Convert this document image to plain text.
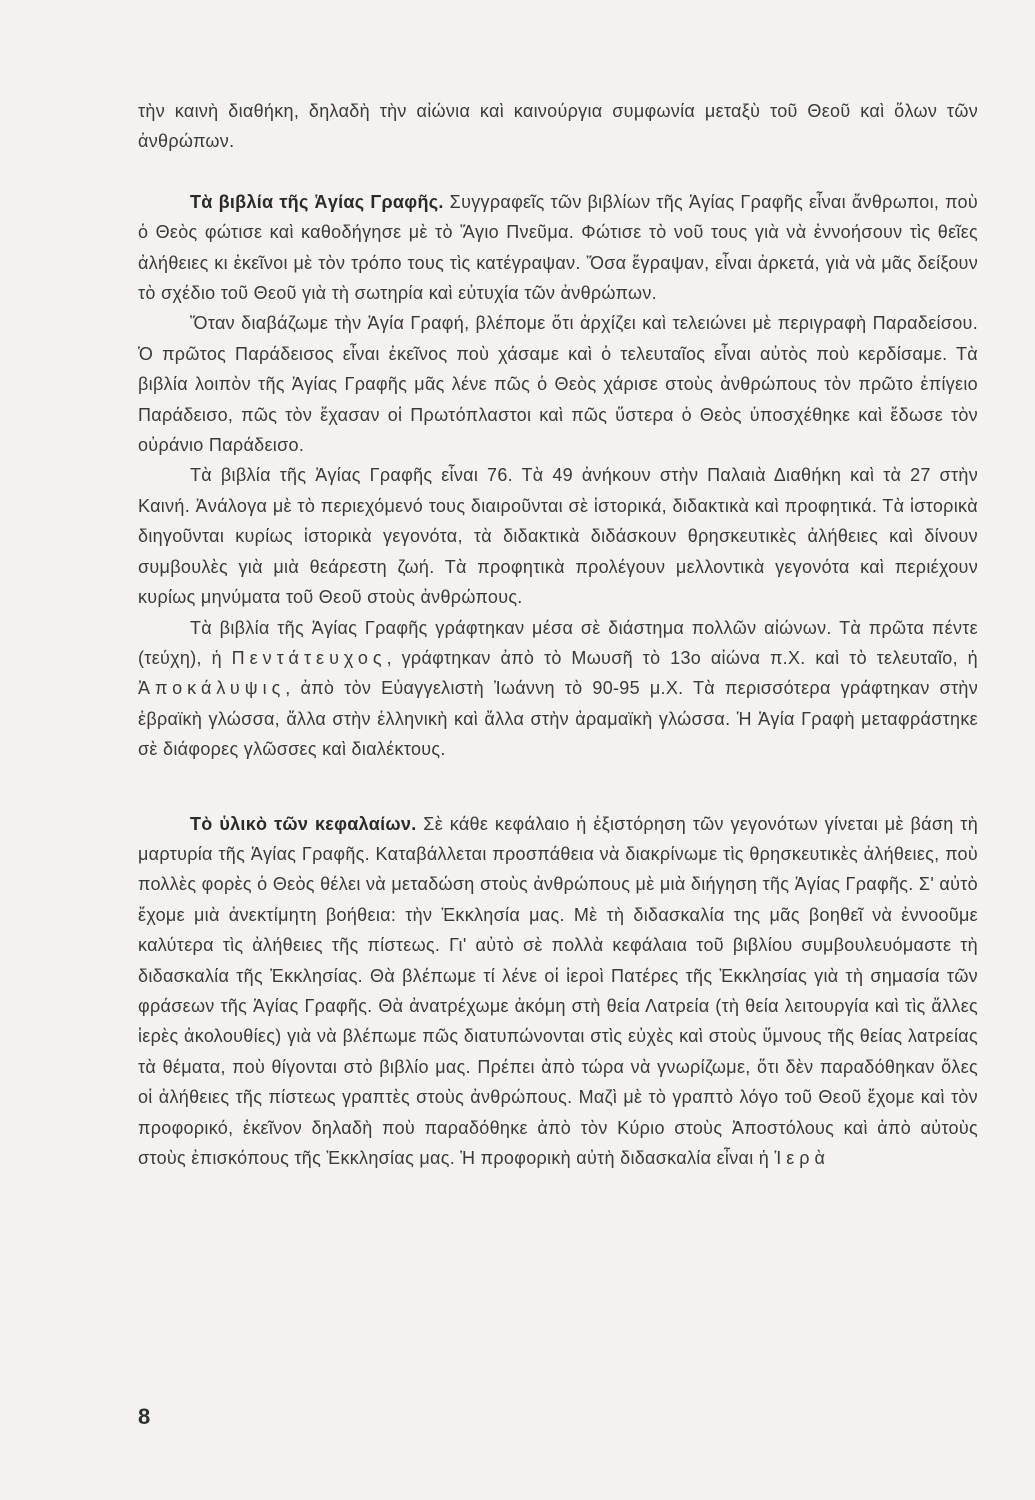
τὴν καινὴ διαθήκη, δηλαδὴ τὴν αἰώνια καὶ καινούργια συμφωνία μεταξὺ τοῦ Θεοῦ καὶ ὅλων τῶν ἀνθρώπων.

Τὰ βιβλία τῆς Ἁγίας Γραφῆς. Συγγραφεῖς τῶν βιβλίων τῆς Ἁγίας Γραφῆς εἶναι ἄνθρωποι, ποὺ ὁ Θεὸς φώτισε καὶ καθοδήγησε μὲ τὸ Ἅγιο Πνεῦμα. Φώτισε τὸ νοῦ τους γιὰ νὰ ἐννοήσουν τὶς θεῖες ἀλήθειες κι ἐκεῖνοι μὲ τὸν τρόπο τους τὶς κατέγραψαν. Ὅσα ἔγραψαν, εἶναι ἀρκετά, γιὰ νὰ μᾶς δείξουν τὸ σχέδιο τοῦ Θεοῦ γιὰ τὴ σωτηρία καὶ εὐτυχία τῶν ἀνθρώπων.

Ὅταν διαβάζωμε τὴν Ἁγία Γραφή, βλέπομε ὅτι ἀρχίζει καὶ τελειώνει μὲ περιγραφὴ Παραδείσου. Ὁ πρῶτος Παράδεισος εἶναι ἐκεῖνος ποὺ χάσαμε καὶ ὁ τελευταῖος εἶναι αὐτὸς ποὺ κερδίσαμε. Τὰ βιβλία λοιπὸν τῆς Ἁγίας Γραφῆς μᾶς λένε πῶς ὁ Θεὸς χάρισε στοὺς ἀνθρώπους τὸν πρῶτο ἐπίγειο Παράδεισο, πῶς τὸν ἔχασαν οἱ Πρωτόπλαστοι καὶ πῶς ὕστερα ὁ Θεὸς ὑποσχέθηκε καὶ ἔδωσε τὸν οὐράνιο Παράδεισο.

Τὰ βιβλία τῆς Ἁγίας Γραφῆς εἶναι 76. Τὰ 49 ἀνήκουν στὴν Παλαιὰ Διαθήκη καὶ τὰ 27 στὴν Καινή. Ἀνάλογα μὲ τὸ περιεχόμενό τους διαιροῦνται σὲ ἱστορικά, διδακτικὰ καὶ προφητικά. Τὰ ἱστορικὰ διηγοῦνται κυρίως ἱστορικὰ γεγονότα, τὰ διδακτικὰ διδάσκουν θρησκευτικὲς ἀλήθειες καὶ δίνουν συμβουλὲς γιὰ μιὰ θεάρεστη ζωή. Τὰ προφητικὰ προλέγουν μελλοντικὰ γεγονότα καὶ περιέχουν κυρίως μηνύματα τοῦ Θεοῦ στοὺς ἀνθρώπους.

Τὰ βιβλία τῆς Ἁγίας Γραφῆς γράφτηκαν μέσα σὲ διάστημα πολλῶν αἰώνων. Τὰ πρῶτα πέντε (τεύχη), ἡ Πεντάτευχος, γράφτηκαν ἀπὸ τὸ Μωυσῆ τὸ 13ο αἰώνα π.Χ. καὶ τὸ τελευταῖο, ἡ Ἀποκάλυψις, ἀπὸ τὸν Εὐαγγελιστὴ Ἰωάννη τὸ 90-95 μ.Χ. Τὰ περισσότερα γράφτηκαν στὴν ἑβραϊκὴ γλώσσα, ἄλλα στὴν ἑλληνικὴ καὶ ἄλλα στὴν ἀραμαϊκὴ γλώσσα. Ἡ Ἁγία Γραφὴ μεταφράστηκε σὲ διάφορες γλῶσσες καὶ διαλέκτους.

Τὸ ὑλικὸ τῶν κεφαλαίων. Σὲ κάθε κεφάλαιο ἡ ἐξιστόρηση τῶν γεγονότων γίνεται μὲ βάση τὴ μαρτυρία τῆς Ἁγίας Γραφῆς. Καταβάλλεται προσπάθεια νὰ διακρίνωμε τὶς θρησκευτικὲς ἀλήθειες, ποὺ πολλὲς φορὲς ὁ Θεὸς θέλει νὰ μεταδώση στοὺς ἀνθρώπους μὲ μιὰ διήγηση τῆς Ἁγίας Γραφῆς. Σ' αὐτὸ ἔχομε μιὰ ἀνεκτίμητη βοήθεια: τὴν Ἐκκλησία μας. Μὲ τὴ διδασκαλία της μᾶς βοηθεῖ νὰ ἐννοοῦμε καλύτερα τὶς ἀλήθειες τῆς πίστεως. Γι' αὐτὸ σὲ πολλὰ κεφάλαια τοῦ βιβλίου συμβουλευόμαστε τὴ διδασκαλία τῆς Ἐκκλησίας. Θὰ βλέπωμε τί λένε οἱ ἱεροὶ Πατέρες τῆς Ἐκκλησίας γιὰ τὴ σημασία τῶν φράσεων τῆς Ἁγίας Γραφῆς. Θὰ ἀνατρέχωμε ἀκόμη στὴ θεία Λατρεία (τὴ θεία λειτουργία καὶ τὶς ἄλλες ἱερὲς ἀκολουθίες) γιὰ νὰ βλέπωμε πῶς διατυπώνονται στὶς εὐχὲς καὶ στοὺς ὕμνους τῆς θείας λατρείας τὰ θέματα, ποὺ θίγονται στὸ βιβλίο μας. Πρέπει ἀπὸ τώρα νὰ γνωρίζωμε, ὅτι δὲν παραδόθηκαν ὅλες οἱ ἀλήθειες τῆς πίστεως γραπτὲς στοὺς ἀνθρώπους. Μαζὶ μὲ τὸ γραπτὸ λόγο τοῦ Θεοῦ ἔχομε καὶ τὸν προφορικό, ἐκεῖνον δηλαδὴ ποὺ παραδόθηκε ἀπὸ τὸν Κύριο στοὺς Ἀποστόλους καὶ ἀπὸ αὐτοὺς στοὺς ἐπισκόπους τῆς Ἐκκλησίας μας. Ἡ προφορικὴ αὐτὴ διδασκαλία εἶναι ἡ Ἱερὰ

8
